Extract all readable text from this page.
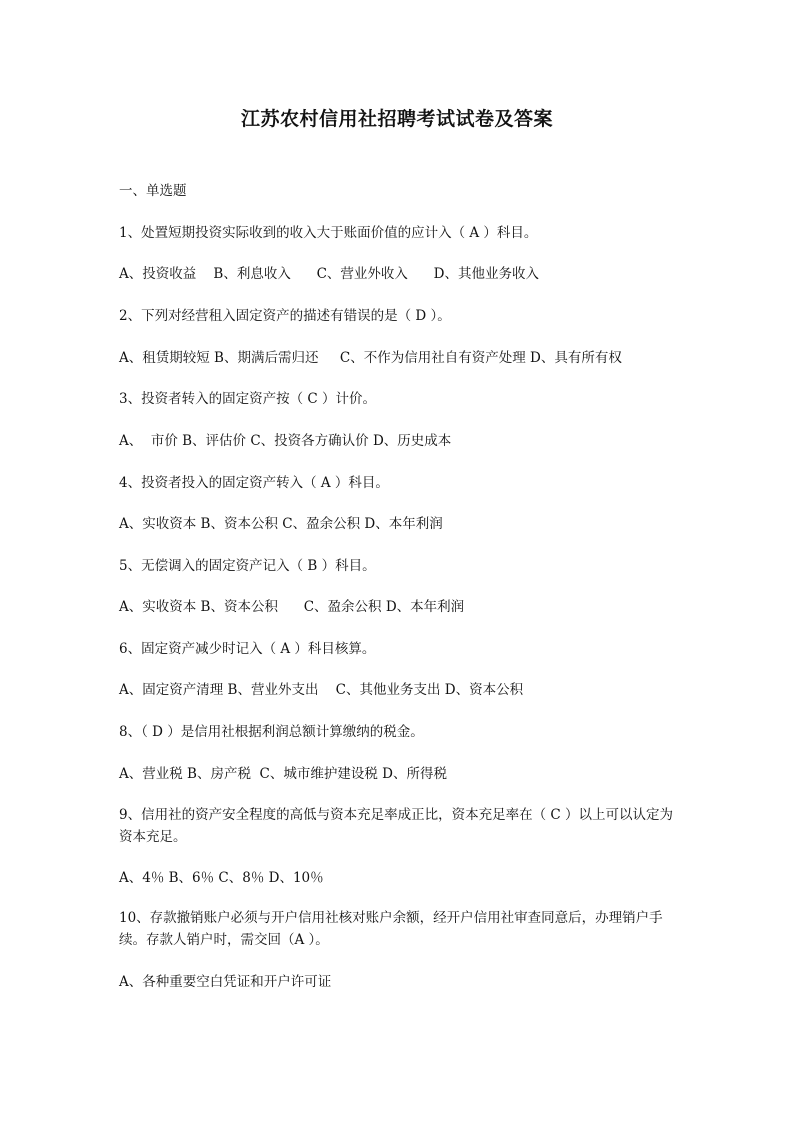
江苏农村信用社招聘考试试卷及答案
一、单选题
1、处置短期投资实际收到的收入大于账面价值的应计入（ A ）科目。
A、投资收益    B、利息收入      C、营业外收入      D、其他业务收入
2、下列对经营租入固定资产的描述有错误的是（ D ）。
A、租赁期较短 B、期满后需归还     C、不作为信用社自有资产处理 D、具有所有权
3、投资者转入的固定资产按（ C ）计价。
A、  市价 B、评估价 C、投资各方确认价 D、历史成本
4、投资者投入的固定资产转入（ A ）科目。
A、实收资本 B、资本公积 C、盈余公积 D、本年利润
5、无偿调入的固定资产记入（ B ）科目。
A、实收资本 B、资本公积      C、盈余公积 D、本年利润
6、固定资产减少时记入（ A ）科目核算。
A、固定资产清理 B、营业外支出    C、其他业务支出 D、资本公积
8、（ D ）是信用社根据利润总额计算缴纳的税金。
A、营业税 B、房产税  C、城市维护建设税 D、所得税
9、信用社的资产安全程度的高低与资本充足率成正比，资本充足率在（ C ）以上可以认定为资本充足。
A、4％ B、6％ C、8％ D、10％
10、存款撤销账户必须与开户信用社核对账户余额，经开户信用社审查同意后，办理销户手续。存款人销户时，需交回（A ）。
A、各种重要空白凭证和开户许可证
